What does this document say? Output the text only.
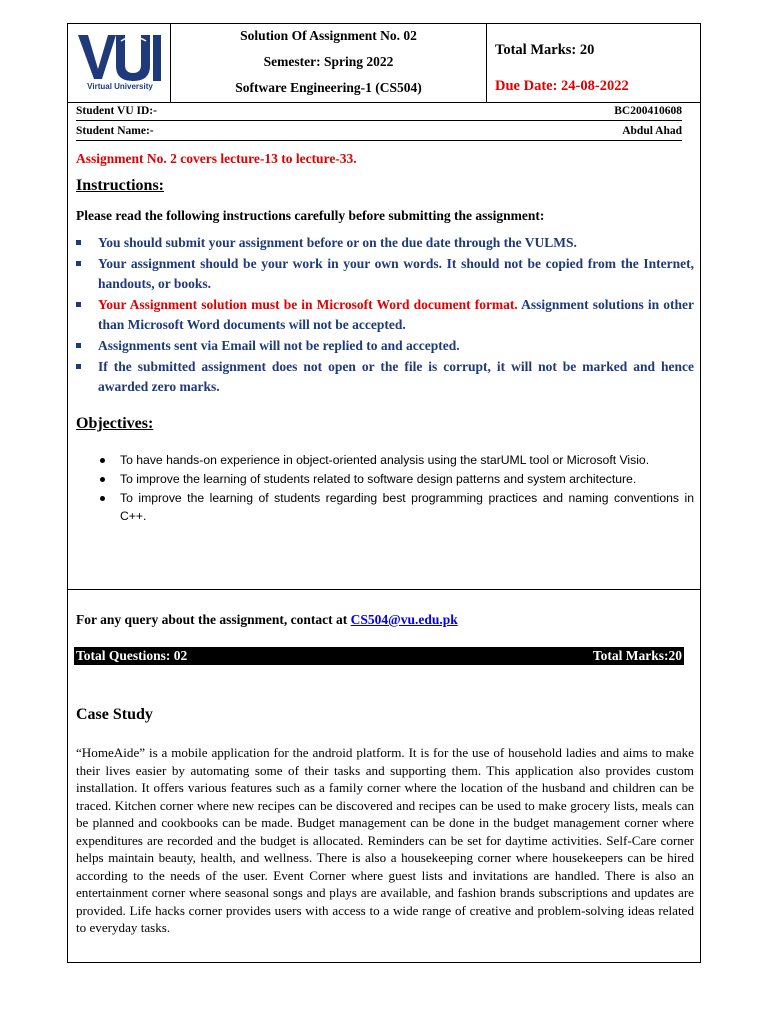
Virtual University
Solution Of Assignment No. 02
Semester: Spring 2022
Software Engineering-1 (CS504)
Total Marks: 20
Due Date: 24-08-2022
Student VU ID:-	BC200410608
Student Name:-	Abdul Ahad
Assignment No. 2 covers lecture-13 to lecture-33.
Instructions:
Please read the following instructions carefully before submitting the assignment:
You should submit your assignment before or on the due date through the VULMS.
Your assignment should be your work in your own words. It should not be copied from the Internet, handouts, or books.
Your Assignment solution must be in Microsoft Word document format. Assignment solutions in other than Microsoft Word documents will not be accepted.
Assignments sent via Email will not be replied to and accepted.
If the submitted assignment does not open or the file is corrupt, it will not be marked and hence awarded zero marks.
Objectives:
To have hands-on experience in object-oriented analysis using the starUML tool or Microsoft Visio.
To improve the learning of students related to software design patterns and system architecture.
To improve the learning of students regarding best programming practices and naming conventions in C++.
For any query about the assignment, contact at CS504@vu.edu.pk
Total Questions: 02	Total Marks:20
Case Study

“HomeAide” is a mobile application for the android platform. It is for the use of household ladies and aims to make their lives easier by automating some of their tasks and supporting them. This application also provides custom installation. It offers various features such as a family corner where the location of the husband and children can be traced. Kitchen corner where new recipes can be discovered and recipes can be used to make grocery lists, meals can be planned and cookbooks can be made. Budget management can be done in the budget management corner where expenditures are recorded and the budget is allocated. Reminders can be set for daytime activities. Self-Care corner helps maintain beauty, health, and wellness. There is also a housekeeping corner where housekeepers can be hired according to the needs of the user. Event Corner where guest lists and invitations are handled. There is also an entertainment corner where seasonal songs and plays are available, and fashion brands subscriptions and updates are provided. Life hacks corner provides users with access to a wide range of creative and problem-solving ideas related to everyday tasks.
